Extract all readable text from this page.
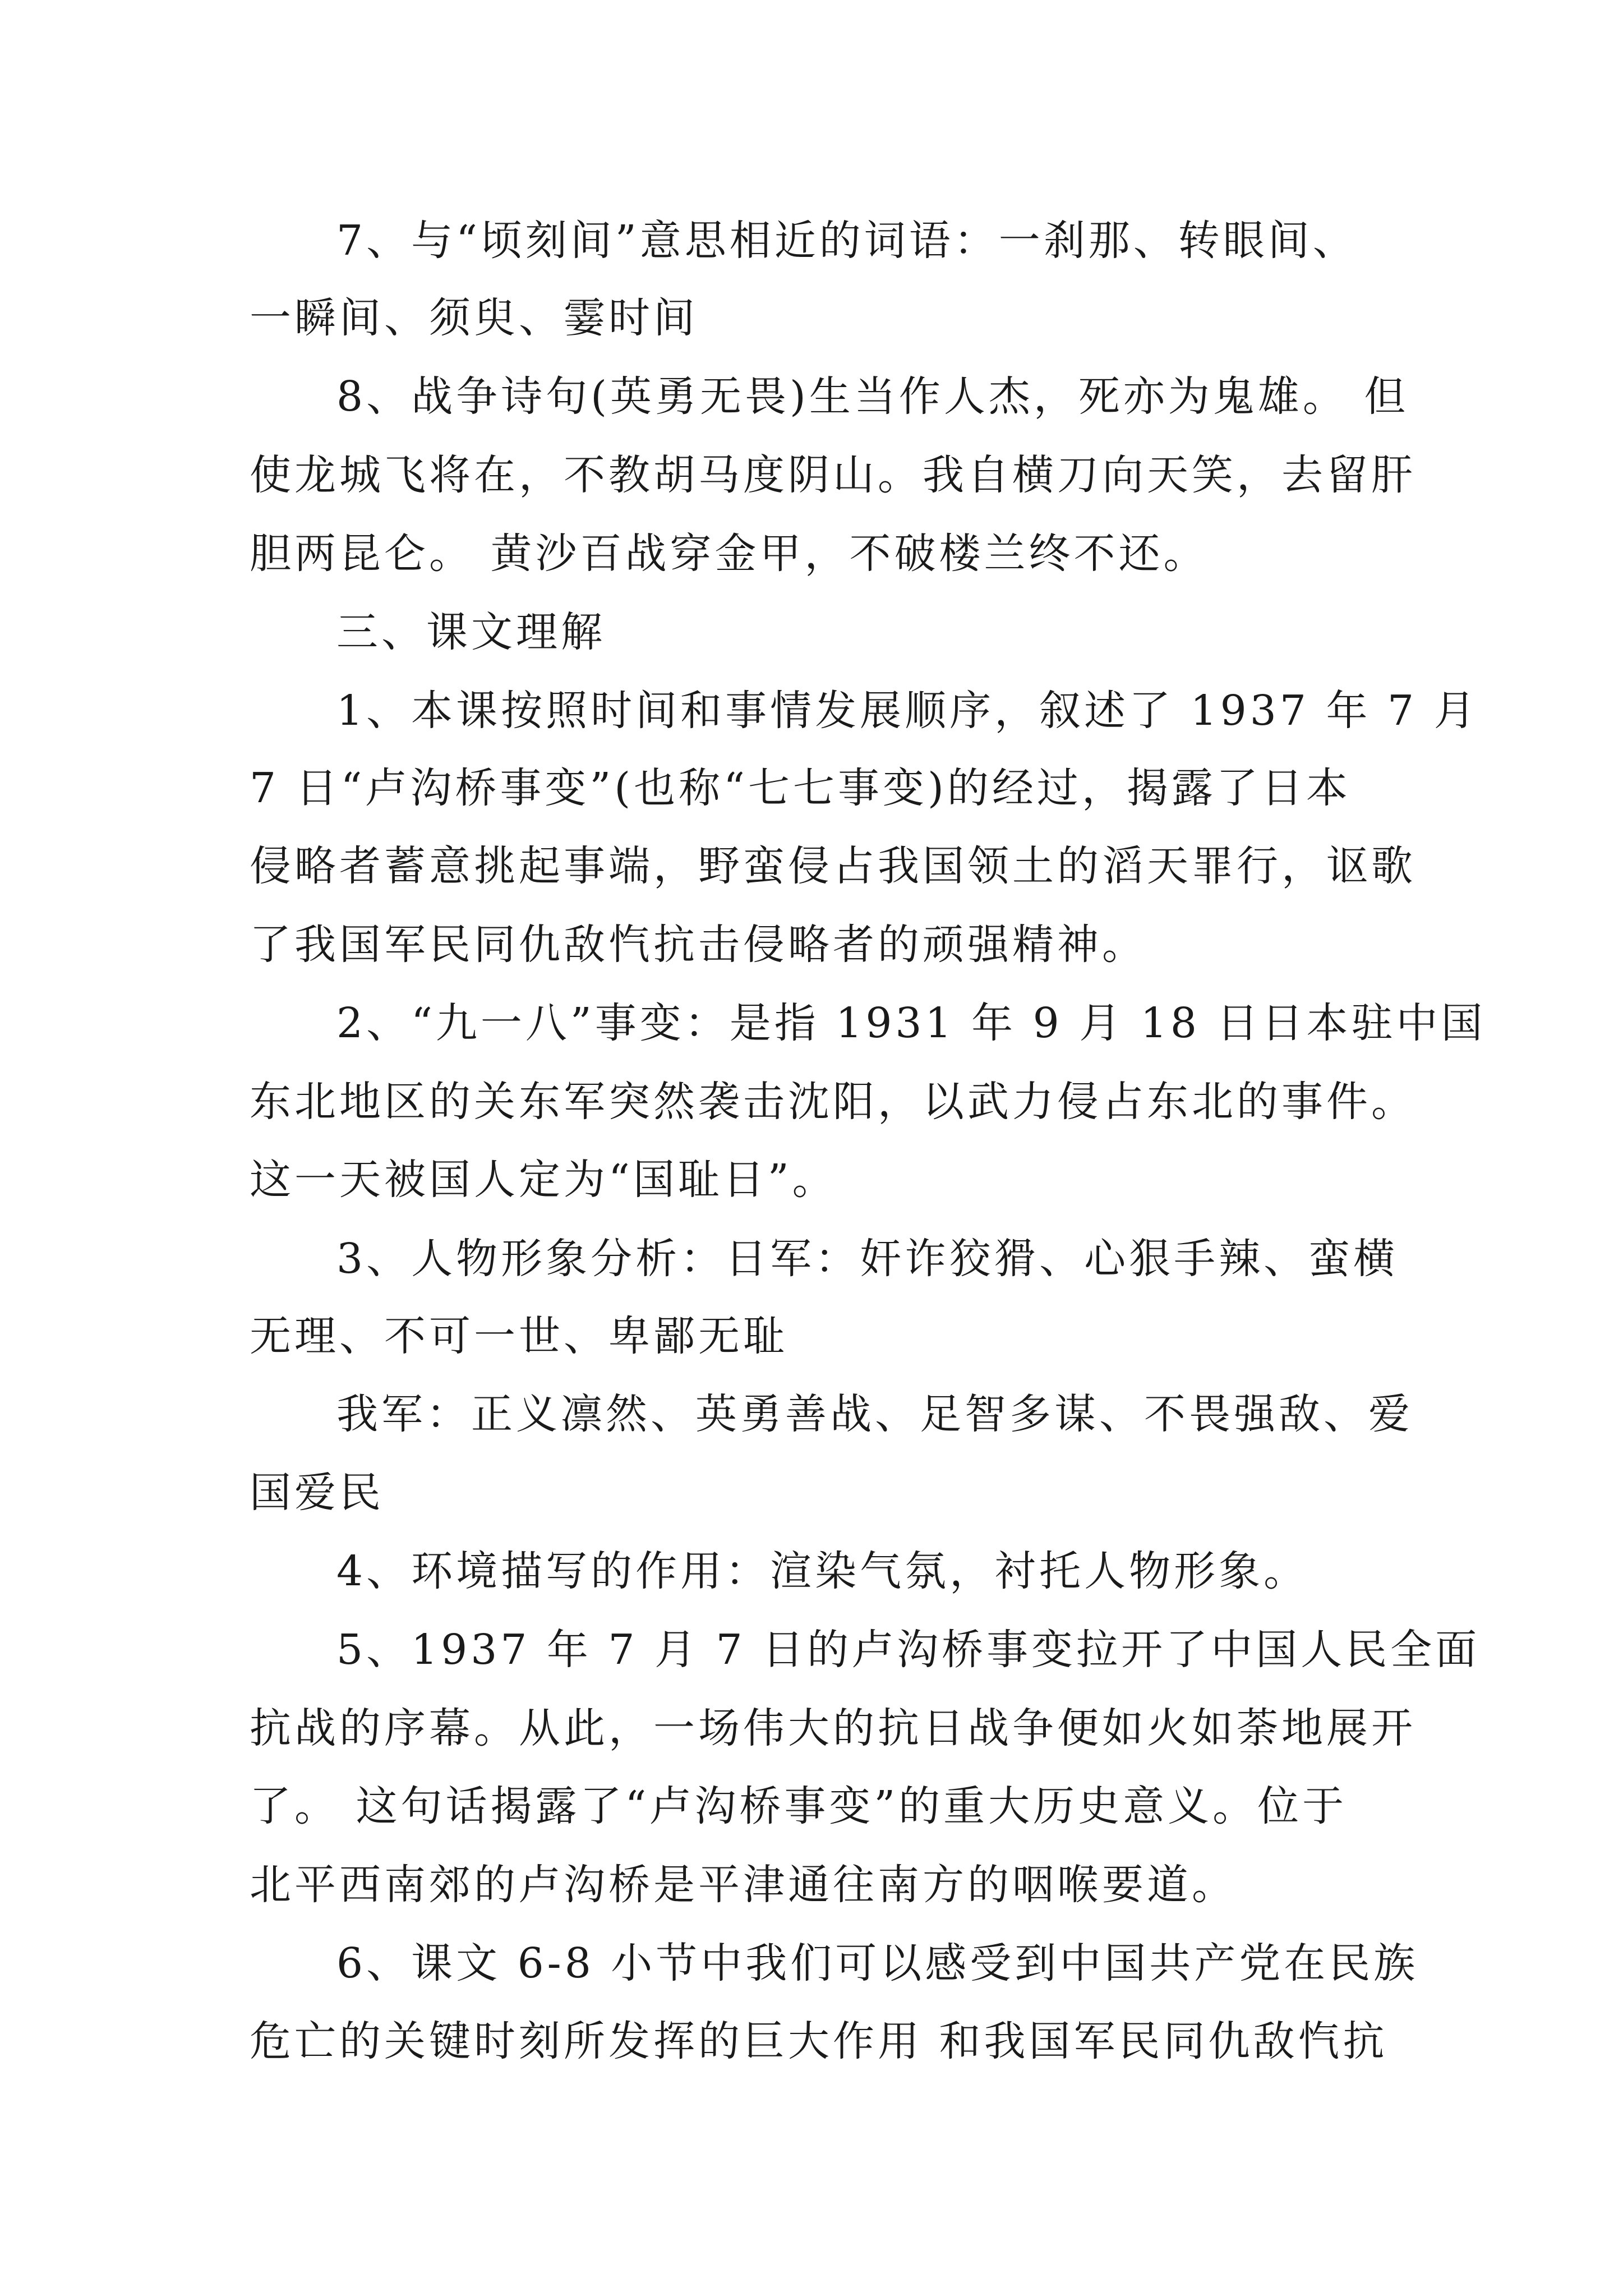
7、与“顷刻间”意思相近的词语：一刹那、转眼间、
一瞬间、须臾、霎时间
8、战争诗句(英勇无畏)生当作人杰，死亦为鬼雄。 但
使龙城飞将在，不教胡马度阴山。我自横刀向天笑，去留肝
胆两昆仑。 黄沙百战穿金甲，不破楼兰终不还。
三、课文理解
1、本课按照时间和事情发展顺序，叙述了 1937 年 7 月
7 日“卢沟桥事变”(也称“七七事变)的经过，揭露了日本
侵略者蓄意挑起事端，野蛮侵占我国领土的滔天罪行，讴歌
了我国军民同仇敌忾抗击侵略者的顽强精神。
2、“九一八”事变：是指 1931 年 9 月 18 日日本驻中国
东北地区的关东军突然袭击沈阳，以武力侵占东北的事件。
这一天被国人定为“国耻日”。
3、人物形象分析：日军：奸诈狡猾、心狠手辣、蛮横
无理、不可一世、卑鄙无耻
我军：正义凛然、英勇善战、足智多谋、不畏强敌、爱
国爱民
4、环境描写的作用：渲染气氛，衬托人物形象。
5、1937 年 7 月 7 日的卢沟桥事变拉开了中国人民全面
抗战的序幕。从此，一场伟大的抗日战争便如火如荼地展开
了。 这句话揭露了“卢沟桥事变”的重大历史意义。位于
北平西南郊的卢沟桥是平津通往南方的咽喉要道。
6、课文 6-8 小节中我们可以感受到中国共产党在民族
危亡的关键时刻所发挥的巨大作用 和我国军民同仇敌忾抗
